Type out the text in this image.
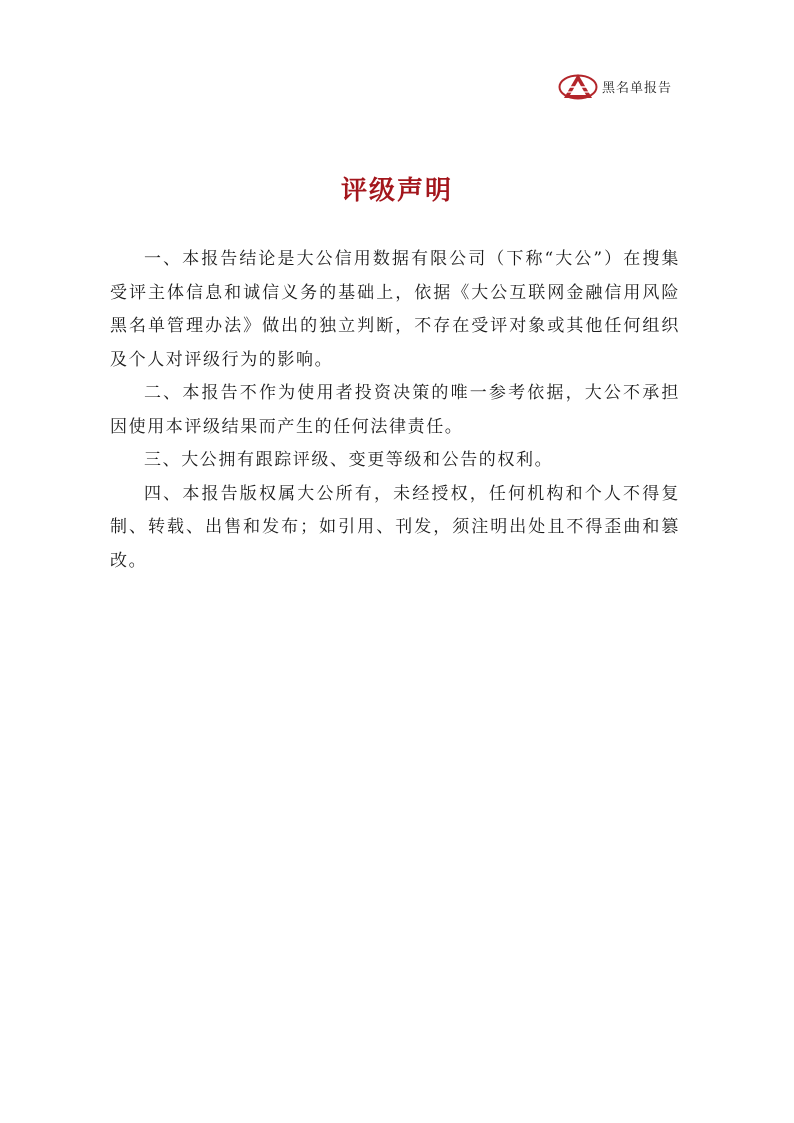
黑名单报告
评级声明

一、本报告结论是大公信用数据有限公司（下称“大公”）在搜集受评主体信息和诚信义务的基础上，依据《大公互联网金融信用风险黑名单管理办法》做出的独立判断，不存在受评对象或其他任何组织及个人对评级行为的影响。

二、本报告不作为使用者投资决策的唯一参考依据，大公不承担因使用本评级结果而产生的任何法律责任。

三、大公拥有跟踪评级、变更等级和公告的权利。

四、本报告版权属大公所有，未经授权，任何机构和个人不得复制、转载、出售和发布；如引用、刊发，须注明出处且不得歪曲和篡改。
